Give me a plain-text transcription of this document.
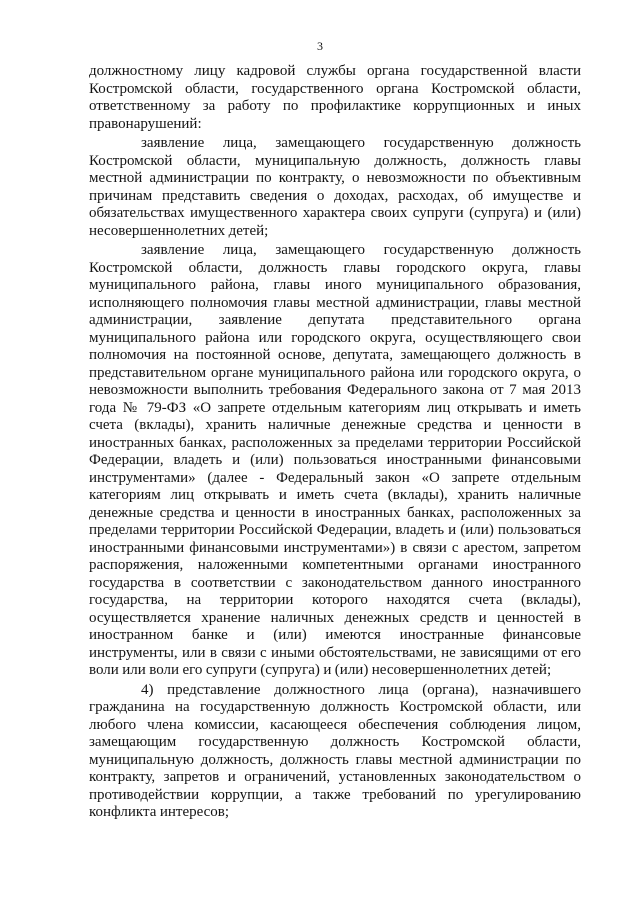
3

должностному лицу кадровой службы органа государственной власти Костромской области, государственного органа Костромской области, ответственному за работу по профилактике коррупционных и иных правонарушений:

заявление лица, замещающего государственную должность Костромской области, муниципальную должность, должность главы местной администрации по контракту, о невозможности по объективным причинам представить сведения о доходах, расходах, об имуществе и обязательствах имущественного характера своих супруги (супруга) и (или) несовершеннолетних детей;

заявление лица, замещающего государственную должность Костромской области, должность главы городского округа, главы муниципального района, главы иного муниципального образования, исполняющего полномочия главы местной администрации, главы местной администрации, заявление депутата представительного органа муниципального района или городского округа, осуществляющего свои полномочия на постоянной основе, депутата, замещающего должность в представительном органе муниципального района или городского округа, о невозможности выполнить требования Федерального закона от 7 мая 2013 года № 79-ФЗ «О запрете отдельным категориям лиц открывать и иметь счета (вклады), хранить наличные денежные средства и ценности в иностранных банках, расположенных за пределами территории Российской Федерации, владеть и (или) пользоваться иностранными финансовыми инструментами» (далее - Федеральный закон «О запрете отдельным категориям лиц открывать и иметь счета (вклады), хранить наличные денежные средства и ценности в иностранных банках, расположенных за пределами территории Российской Федерации, владеть и (или) пользоваться иностранными финансовыми инструментами») в связи с арестом, запретом распоряжения, наложенными компетентными органами иностранного государства в соответствии с законодательством данного иностранного государства, на территории которого находятся счета (вклады), осуществляется хранение наличных денежных средств и ценностей в иностранном банке и (или) имеются иностранные финансовые инструменты, или в связи с иными обстоятельствами, не зависящими от его воли или воли его супруги (супруга) и (или) несовершеннолетних детей;

4) представление должностного лица (органа), назначившего гражданина на государственную должность Костромской области, или любого члена комиссии, касающееся обеспечения соблюдения лицом, замещающим государственную должность Костромской области, муниципальную должность, должность главы местной администрации по контракту, запретов и ограничений, установленных законодательством о противодействии коррупции, а также требований по урегулированию конфликта интересов;
